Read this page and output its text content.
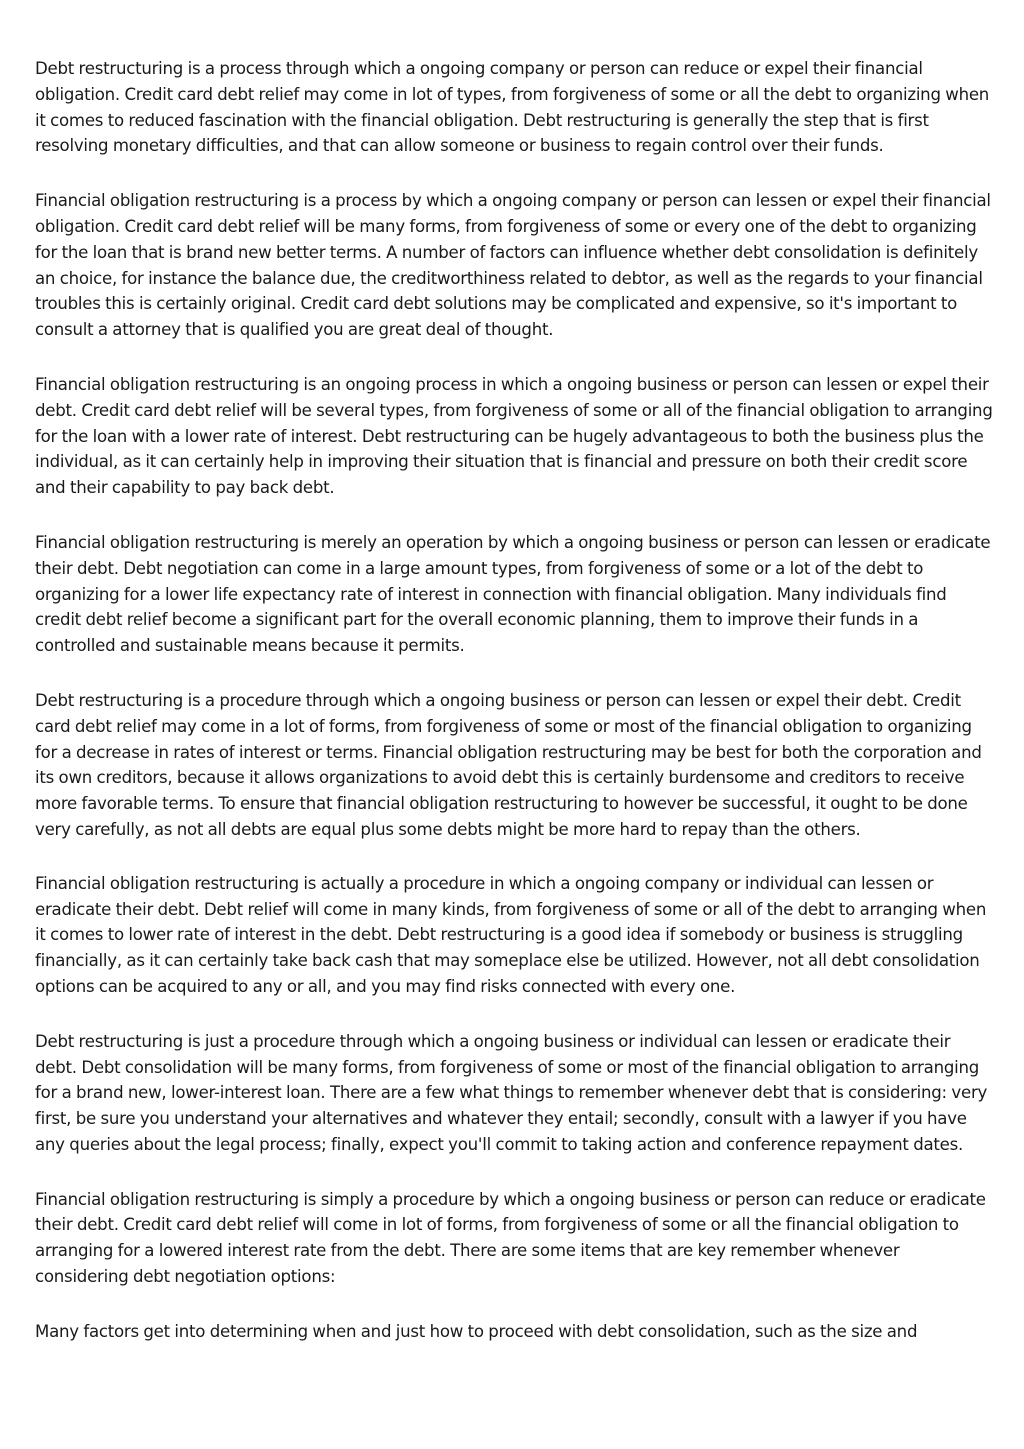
Debt restructuring is a process through which a ongoing company or person can reduce or expel their financial obligation. Credit card debt relief may come in lot of types, from forgiveness of some or all the debt to organizing when it comes to reduced fascination with the financial obligation. Debt restructuring is generally the step that is first resolving monetary difficulties, and that can allow someone or business to regain control over their funds.

Financial obligation restructuring is a process by which a ongoing company or person can lessen or expel their financial obligation. Credit card debt relief will be many forms, from forgiveness of some or every one of the debt to organizing for the loan that is brand new better terms. A number of factors can influence whether debt consolidation is definitely an choice, for instance the balance due, the creditworthiness related to debtor, as well as the regards to your financial troubles this is certainly original. Credit card debt solutions may be complicated and expensive, so it's important to consult a attorney that is qualified you are great deal of thought.

Financial obligation restructuring is an ongoing process in which a ongoing business or person can lessen or expel their debt. Credit card debt relief will be several types, from forgiveness of some or all of the financial obligation to arranging for the loan with a lower rate of interest. Debt restructuring can be hugely advantageous to both the business plus the individual, as it can certainly help in improving their situation that is financial and pressure on both their credit score and their capability to pay back debt.

Financial obligation restructuring is merely an operation by which a ongoing business or person can lessen or eradicate their debt. Debt negotiation can come in a large amount types, from forgiveness of some or a lot of the debt to organizing for a lower life expectancy rate of interest in connection with financial obligation. Many individuals find credit debt relief become a significant part for the overall economic planning, them to improve their funds in a controlled and sustainable means because it permits.

Debt restructuring is a procedure through which a ongoing business or person can lessen or expel their debt. Credit card debt relief may come in a lot of forms, from forgiveness of some or most of the financial obligation to organizing for a decrease in rates of interest or terms. Financial obligation restructuring may be best for both the corporation and its own creditors, because it allows organizations to avoid debt this is certainly burdensome and creditors to receive more favorable terms. To ensure that financial obligation restructuring to however be successful, it ought to be done very carefully, as not all debts are equal plus some debts might be more hard to repay than the others.

Financial obligation restructuring is actually a procedure in which a ongoing company or individual can lessen or eradicate their debt. Debt relief will come in many kinds, from forgiveness of some or all of the debt to arranging when it comes to lower rate of interest in the debt. Debt restructuring is a good idea if somebody or business is struggling financially, as it can certainly take back cash that may someplace else be utilized. However, not all debt consolidation options can be acquired to any or all, and you may find risks connected with every one.

Debt restructuring is just a procedure through which a ongoing business or individual can lessen or eradicate their debt. Debt consolidation will be many forms, from forgiveness of some or most of the financial obligation to arranging for a brand new, lower-interest loan. There are a few what things to remember whenever debt that is considering: very first, be sure you understand your alternatives and whatever they entail; secondly, consult with a lawyer if you have any queries about the legal process; finally, expect you'll commit to taking action and conference repayment dates.

Financial obligation restructuring is simply a procedure by which a ongoing business or person can reduce or eradicate their debt. Credit card debt relief will come in lot of forms, from forgiveness of some or all the financial obligation to arranging for a lowered interest rate from the debt. There are some items that are key remember whenever considering debt negotiation options:

Many factors get into determining when and just how to proceed with debt consolidation, such as the size and
